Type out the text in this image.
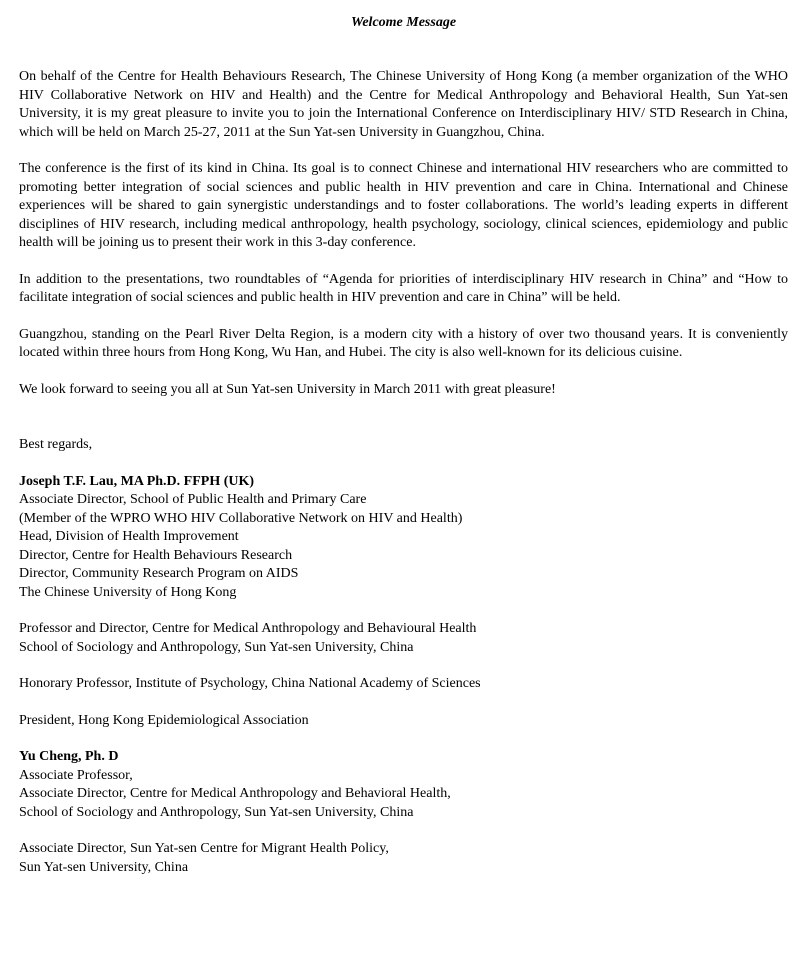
Welcome Message

On behalf of the Centre for Health Behaviours Research, The Chinese University of Hong Kong (a member organization of the WHO HIV Collaborative Network on HIV and Health) and the Centre for Medical Anthropology and Behavioral Health, Sun Yat-sen University, it is my great pleasure to invite you to join the International Conference on Interdisciplinary HIV/ STD Research in China, which will be held on March 25-27, 2011 at the Sun Yat-sen University in Guangzhou, China.

The conference is the first of its kind in China. Its goal is to connect Chinese and international HIV researchers who are committed to promoting better integration of social sciences and public health in HIV prevention and care in China. International and Chinese experiences will be shared to gain synergistic understandings and to foster collaborations. The world’s leading experts in different disciplines of HIV research, including medical anthropology, health psychology, sociology, clinical sciences, epidemiology and public health will be joining us to present their work in this 3-day conference.

In addition to the presentations, two roundtables of “Agenda for priorities of interdisciplinary HIV research in China” and “How to facilitate integration of social sciences and public health in HIV prevention and care in China” will be held.

Guangzhou, standing on the Pearl River Delta Region, is a modern city with a history of over two thousand years. It is conveniently located within three hours from Hong Kong, Wu Han, and Hubei. The city is also well-known for its delicious cuisine.

We look forward to seeing you all at Sun Yat-sen University in March 2011 with great pleasure!

Best regards,
Joseph T.F. Lau, MA Ph.D. FFPH (UK)
Associate Director, School of Public Health and Primary Care
(Member of the WPRO WHO HIV Collaborative Network on HIV and Health)
Head, Division of Health Improvement
Director, Centre for Health Behaviours Research
Director, Community Research Program on AIDS
The Chinese University of Hong Kong
Professor and Director, Centre for Medical Anthropology and Behavioural Health
School of Sociology and Anthropology, Sun Yat-sen University, China
Honorary Professor, Institute of Psychology, China National Academy of Sciences
President, Hong Kong Epidemiological Association
Yu Cheng, Ph. D
Associate Professor,
Associate Director, Centre for Medical Anthropology and Behavioral Health,
School of Sociology and Anthropology, Sun Yat-sen University, China
Associate Director, Sun Yat-sen Centre for Migrant Health Policy,
Sun Yat-sen University, China
